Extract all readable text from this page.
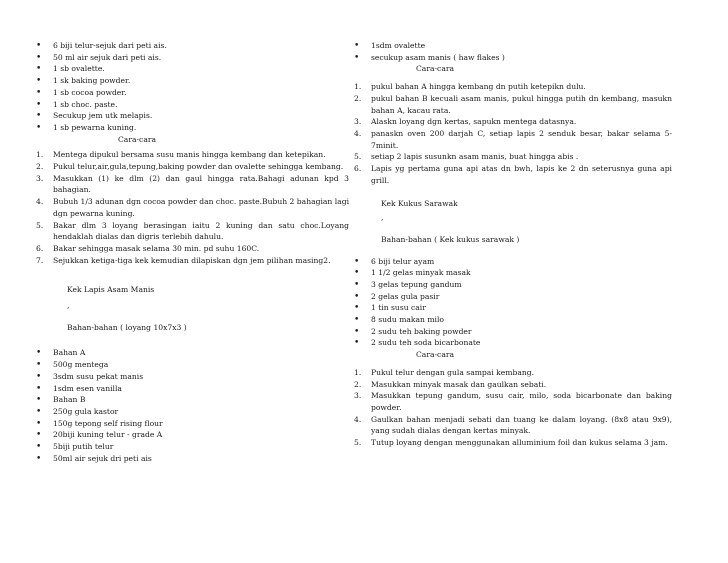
•
6 biji telur-sejuk dari peti ais.
•
50 ml air sejuk dari peti ais.
•
1 sb ovalette.
•
1 sk baking powder.
•
1 sb cocoa powder.
•
1 sb choc. paste.
•
Secukup jem utk melapis.
•
1 sb pewarna kuning.
Cara-cara
1.	Mentega dipukul bersama susu manis hingga kembang dan ketepikan.
2.	Pukul telur,air,gula,tepung,baking powder dan ovalette sehingga kembang.
3.	Masukkan (1) ke dlm (2) dan gaul hingga rata.Bahagi adunan kpd 3 bahagian.
4.	Bubuh 1/3 adunan dgn cocoa powder dan choc. paste.Bubuh 2 bahagian lagi dgn pewarna kuning.
5.	Bakar dlm 3 loyang berasingan iaitu 2 kuning dan satu choc.Loyang hendaklah dialas dan digris terlebih dahulu.
6.	Bakar sehingga masak selama 30 min. pd suhu 160C.
7.	Sejukkan ketiga-tiga kek kemudian dilapiskan dgn jem pilihan masing2.
Kek Lapis Asam Manis
,
Bahan-bahan ( loyang 10x7x3 )
•
Bahan A
•
500g mentega
•
3sdm susu pekat manis
•
1sdm esen vanilla
•
Bahan B
•
250g gula kastor
•
150g tepong self rising flour
•
20biji kuning telur - grade A
•
5biji putih telur
•
50ml air sejuk dri peti ais
•
1sdm ovalette
•
secukup asam manis ( haw flakes )
Cara-cara
1.	pukul bahan A hingga kembang dn putih ketepikn dulu.
2.	pukul bahan B kecuali asam manis, pukul hingga putih dn kembang, masukn bahan A, kacau rata.
3.	Alaskn loyang dgn kertas, sapukn mentega datasnya.
4.	panaskn oven 200 darjah C, setiap lapis 2 senduk besar, bakar selama 5-7minit.
5.	setiap 2 lapis susunkn asam manis, buat hingga abis .
6.	Lapis yg pertama guna api atas dn bwh, lapis ke 2 dn seterusnya guna api grill.
Kek Kukus Sarawak
,
Bahan-bahan ( Kek kukus sarawak )
•
6 biji telur ayam
•
1 1/2 gelas minyak masak
•
3 gelas tepung gandum
•
2 gelas gula pasir
•
1 tin susu cair
•
8 sudu makan milo
•
2 sudu teh baking powder
•
2 sudu teh soda bicarbonate
Cara-cara
1.	Pukul telur dengan gula sampai kembang.
2.	Masukkan minyak masak dan gaulkan sebati.
3.	Masukkan tepung gandum, susu cair, milo, soda bicarbonate dan baking powder.
4.	Gaulkan bahan menjadi sebati dan tuang ke dalam loyang. (8x8 atau 9x9), yang sudah dialas dengan kertas minyak.
5.	Tutup loyang dengan menggunakan alluminium foil dan kukus selama 3 jam.
